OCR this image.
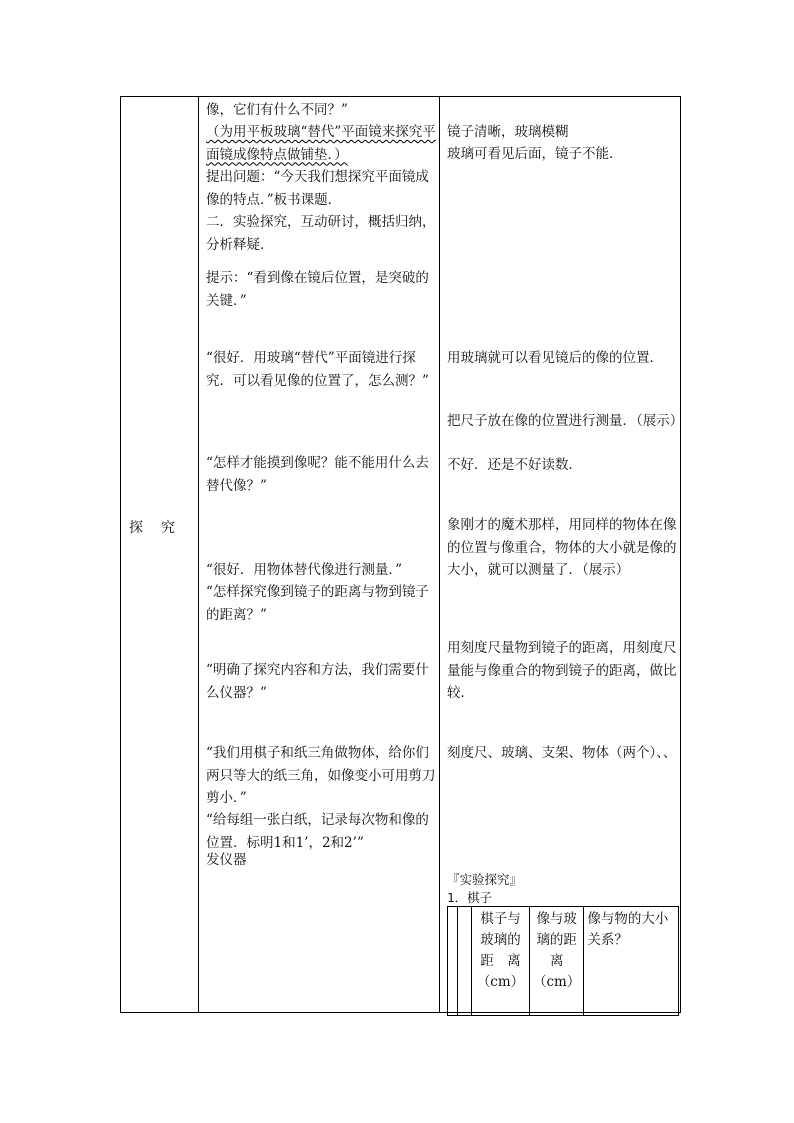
探 究

像，它们有什么不同？”

（为用平板玻璃“替代”平面镜来探究平面镜成像特点做铺垫．）

提出问题：“今天我们想探究平面镜成像的特点．”板书课题．

二．实验探究，互动研讨，概括归纳，分析释疑．

提示：“看到像在镜后位置，是突破的关键．”

“很好．用玻璃“替代”平面镜进行探究．可以看见像的位置了，怎么测？”

“怎样才能摸到像呢？能不能用什么去替代像？”

“很好．用物体替代像进行测量．”

“怎样探究像到镜子的距离与物到镜子的距离？”

“明确了探究内容和方法，我们需要什么仪器？”

“我们用棋子和纸三角做物体，给你们两只等大的纸三角，如像变小可用剪刀剪小．”

“给每组一张白纸，记录每次物和像的位置．标明1和1’，2和2’”

发仪器

镜子清晰，玻璃模糊

玻璃可看见后面，镜子不能．

用玻璃就可以看见镜后的像的位置．

把尺子放在像的位置进行测量．（展示）

不好．还是不好读数．

象刚才的魔术那样，用同样的物体在像的位置与像重合，物体的大小就是像的大小，就可以测量了．（展示）

用刻度尺量物到镜子的距离，用刻度尺量能与像重合的物到镜子的距离，做比较．

刻度尺、玻璃、支架、物体（两个）、、

『实验探究』

1．棋子

		棋子与玻璃的距　离（cm）	像与玻璃的距离（cm）	像与物的大小关系？
